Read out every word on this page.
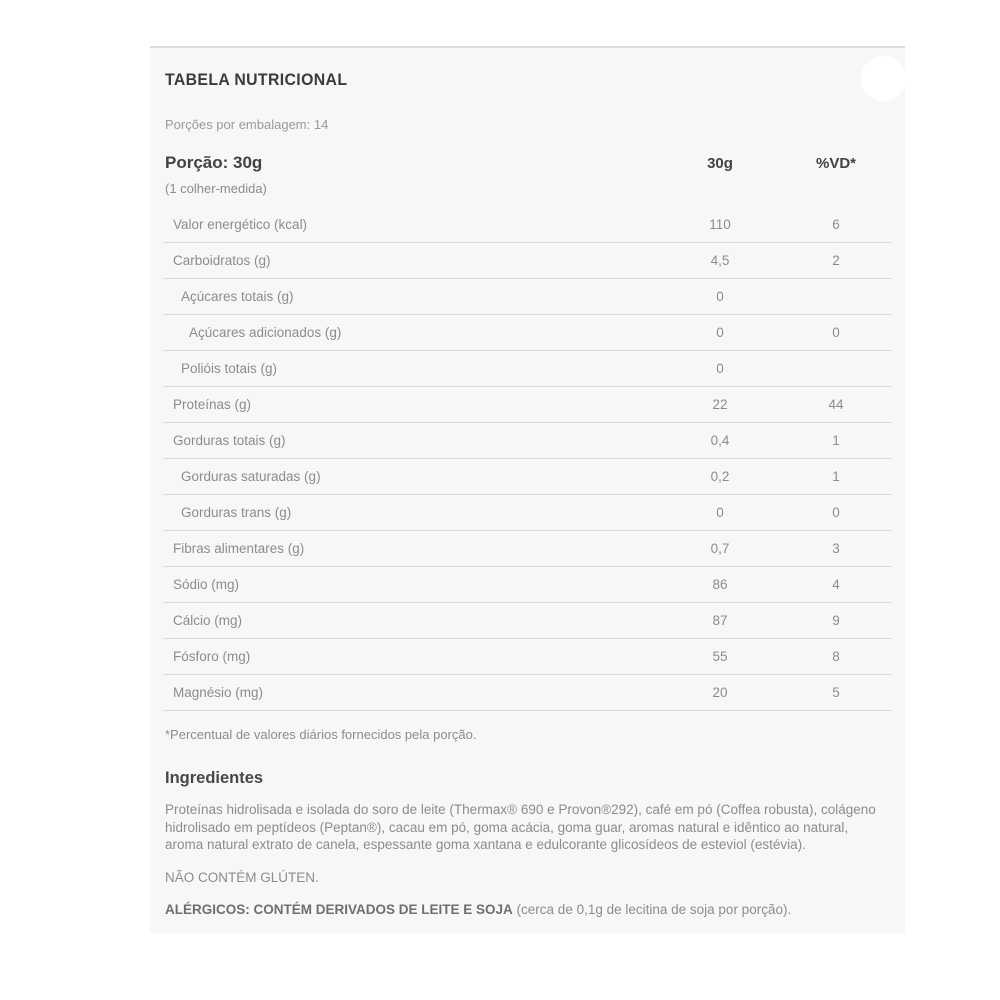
TABELA NUTRICIONAL
Porções por embalagem: 14
Porção: 30g
(1 colher-medida)
30g	%VD*
Valor energético (kcal)	110	6
Carboidratos (g)	4,5	2
Açúcares totais (g)	0
Açúcares adicionados (g)	0	0
Polióis totais (g)	0
Proteínas (g)	22	44
Gorduras totais (g)	0,4	1
Gorduras saturadas (g)	0,2	1
Gorduras trans (g)	0	0
Fibras alimentares (g)	0,7	3
Sódio (mg)	86	4
Cálcio (mg)	87	9
Fósforo (mg)	55	8
Magnésio (mg)	20	5
*Percentual de valores diários fornecidos pela porção.
Ingredientes
Proteínas hidrolisada e isolada do soro de leite (Thermax® 690 e Provon®292), café em pó (Coffea robusta), colágeno hidrolisado em peptídeos (Peptan®), cacau em pó, goma acácia, goma guar, aromas natural e idêntico ao natural, aroma natural extrato de canela, espessante goma xantana e edulcorante glicosídeos de esteviol (estévia).
NÃO CONTÉM GLÚTEN.
ALÉRGICOS: CONTÉM DERIVADOS DE LEITE E SOJA (cerca de 0,1g de lecitina de soja por porção).
